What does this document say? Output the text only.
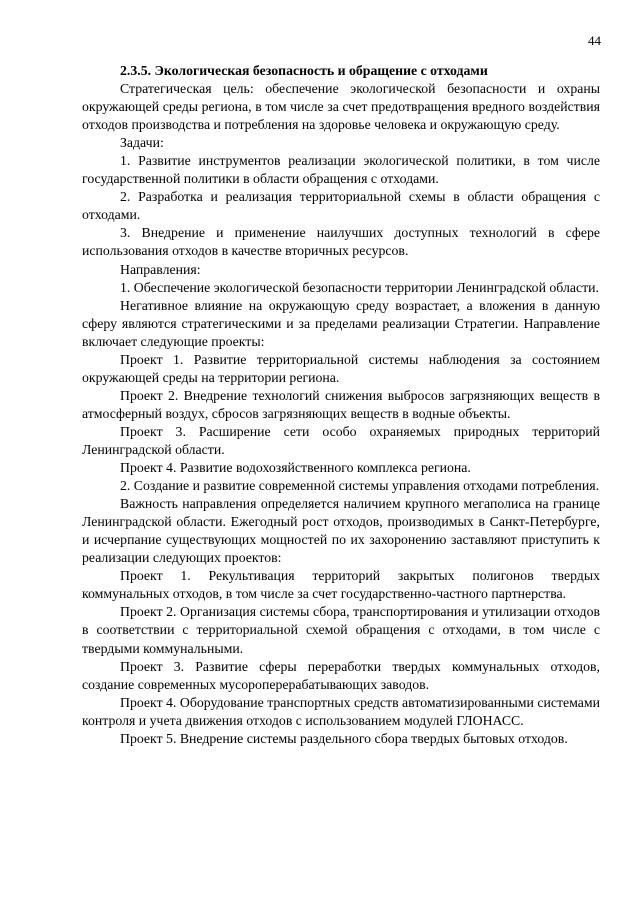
44
2.3.5. Экологическая безопасность и обращение с отходами

Стратегическая цель: обеспечение экологической безопасности и охраны окружающей среды региона, в том числе за счет предотвращения вредного воздействия отходов производства и потребления на здоровье человека и окружающую среду.

Задачи:

1. Развитие инструментов реализации экологической политики, в том числе государственной политики в области обращения с отходами.

2. Разработка и реализация территориальной схемы в области обращения с отходами.

3. Внедрение и применение наилучших доступных технологий в сфере использования отходов в качестве вторичных ресурсов.

Направления:

1. Обеспечение экологической безопасности территории Ленинградской области.

Негативное влияние на окружающую среду возрастает, а вложения в данную сферу являются стратегическими и за пределами реализации Стратегии. Направление включает следующие проекты:

Проект 1. Развитие территориальной системы наблюдения за состоянием окружающей среды на территории региона.

Проект 2. Внедрение технологий снижения выбросов загрязняющих веществ в атмосферный воздух, сбросов загрязняющих веществ в водные объекты.

Проект 3. Расширение сети особо охраняемых природных территорий Ленинградской области.

Проект 4. Развитие водохозяйственного комплекса региона.

2. Создание и развитие современной системы управления отходами потребления.

Важность направления определяется наличием крупного мегаполиса на границе Ленинградской области. Ежегодный рост отходов, производимых в Санкт-Петербурге, и исчерпание существующих мощностей по их захоронению заставляют приступить к реализации следующих проектов:

Проект 1. Рекультивация территорий закрытых полигонов твердых коммунальных отходов, в том числе за счет государственно-частного партнерства.

Проект 2. Организация системы сбора, транспортирования и утилизации отходов в соответствии с территориальной схемой обращения с отходами, в том числе с твердыми коммунальными.

Проект 3. Развитие сферы переработки твердых коммунальных отходов, создание современных мусороперерабатывающих заводов.

Проект 4. Оборудование транспортных средств автоматизированными системами контроля и учета движения отходов с использованием модулей ГЛОНАСС.

Проект 5. Внедрение системы раздельного сбора твердых бытовых отходов.
